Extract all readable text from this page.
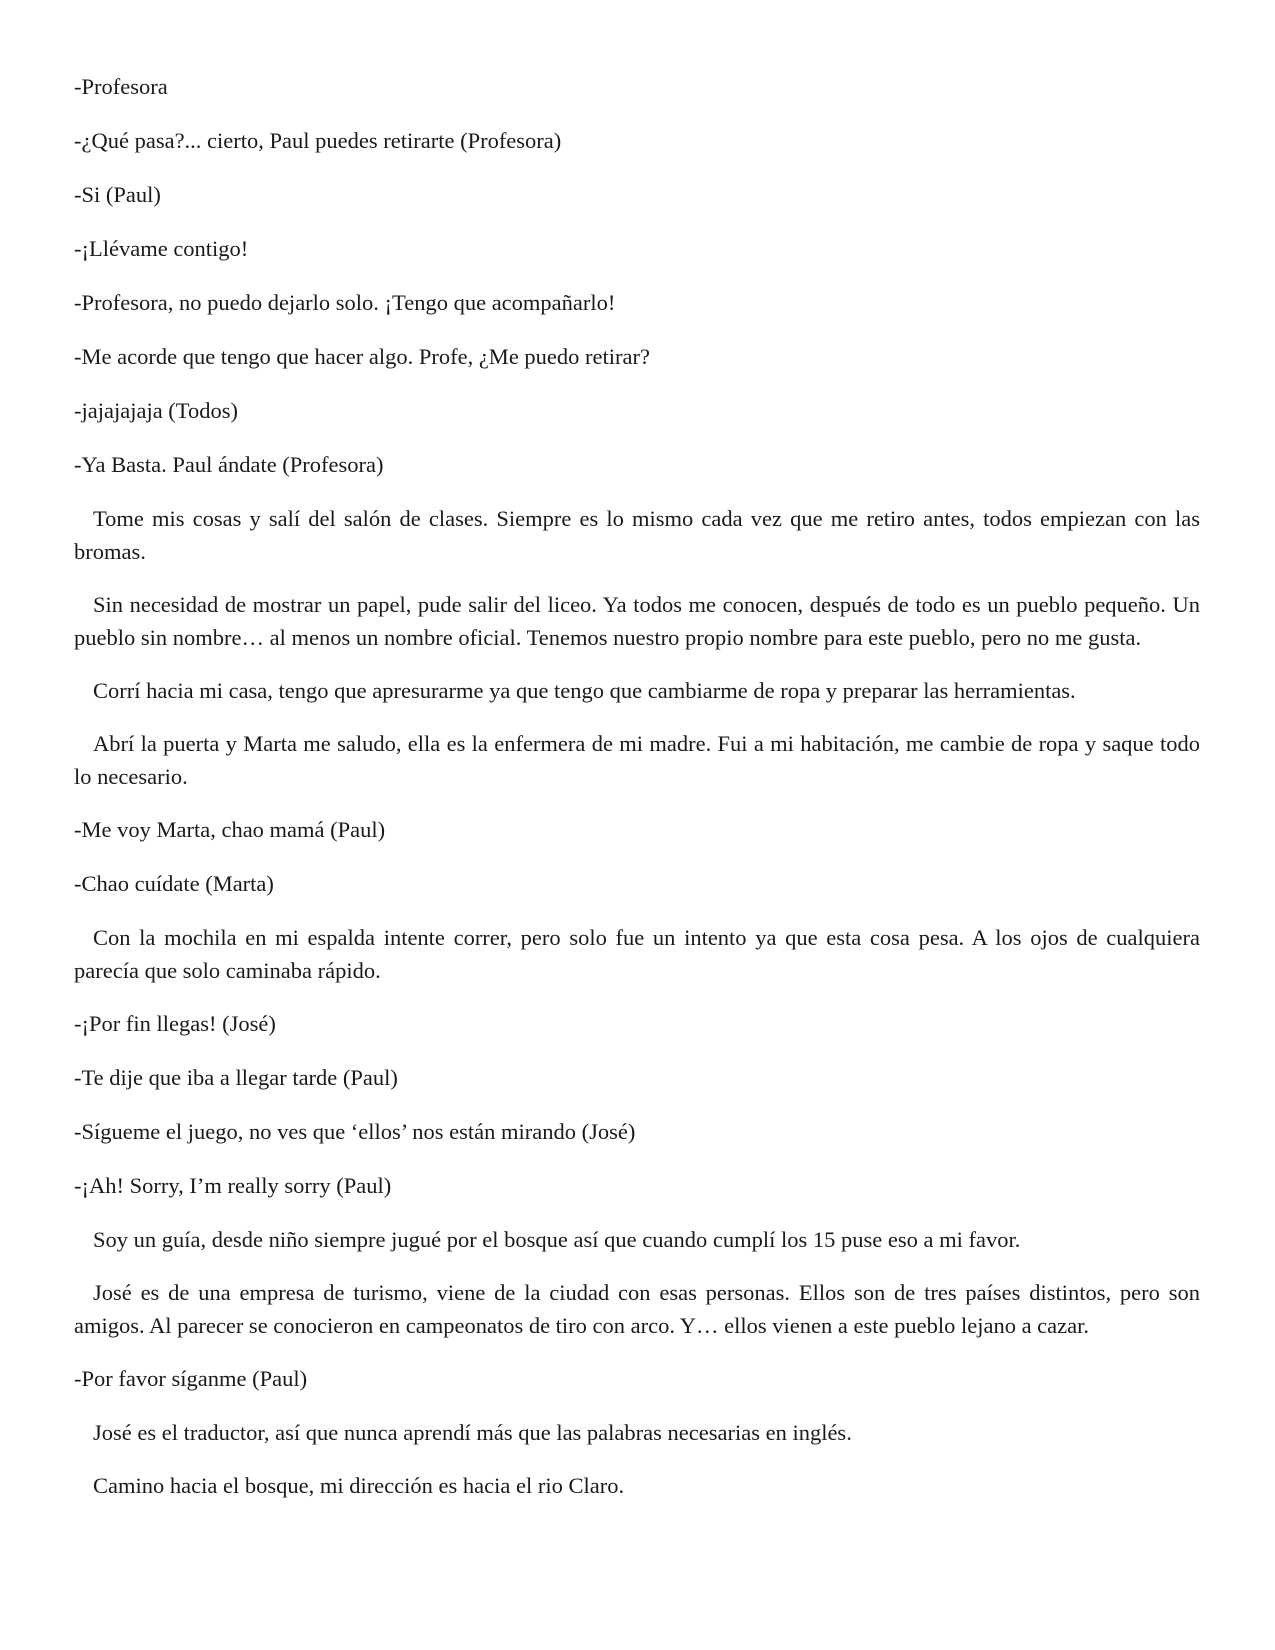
-Profesora

-¿Qué pasa?... cierto, Paul puedes retirarte (Profesora)

-Si (Paul)

-¡Llévame contigo!

-Profesora, no puedo dejarlo solo. ¡Tengo que acompañarlo!

-Me acorde que tengo que hacer algo. Profe, ¿Me puedo retirar?

-jajajajaja (Todos)

-Ya Basta. Paul ándate (Profesora)

Tome mis cosas y salí del salón de clases. Siempre es lo mismo cada vez que me retiro antes, todos empiezan con las bromas.

Sin necesidad de mostrar un papel, pude salir del liceo. Ya todos me conocen, después de todo es un pueblo pequeño. Un pueblo sin nombre… al menos un nombre oficial. Tenemos nuestro propio nombre para este pueblo, pero no me gusta.

Corrí hacia mi casa, tengo que apresurarme ya que tengo que cambiarme de ropa y preparar las herramientas.

Abrí la puerta y Marta me saludo, ella es la enfermera de mi madre. Fui a mi habitación, me cambie de ropa y saque todo lo necesario.

-Me voy Marta, chao mamá (Paul)

-Chao cuídate (Marta)

Con la mochila en mi espalda intente correr, pero solo fue un intento ya que esta cosa pesa. A los ojos de cualquiera parecía que solo caminaba rápido.

-¡Por fin llegas! (José)

-Te dije que iba a llegar tarde (Paul)

-Sígueme el juego, no ves que ‘ellos’ nos están mirando (José)

-¡Ah! Sorry, I’m really sorry (Paul)

Soy un guía, desde niño siempre jugué por el bosque así que cuando cumplí los 15 puse eso a mi favor.

José es de una empresa de turismo, viene de la ciudad con esas personas. Ellos son de tres países distintos, pero son amigos. Al parecer se conocieron en campeonatos de tiro con arco. Y… ellos vienen a este pueblo lejano a cazar.

-Por favor síganme (Paul)

José es el traductor, así que nunca aprendí más que las palabras necesarias en inglés.

Camino hacia el bosque, mi dirección es hacia el rio Claro.
